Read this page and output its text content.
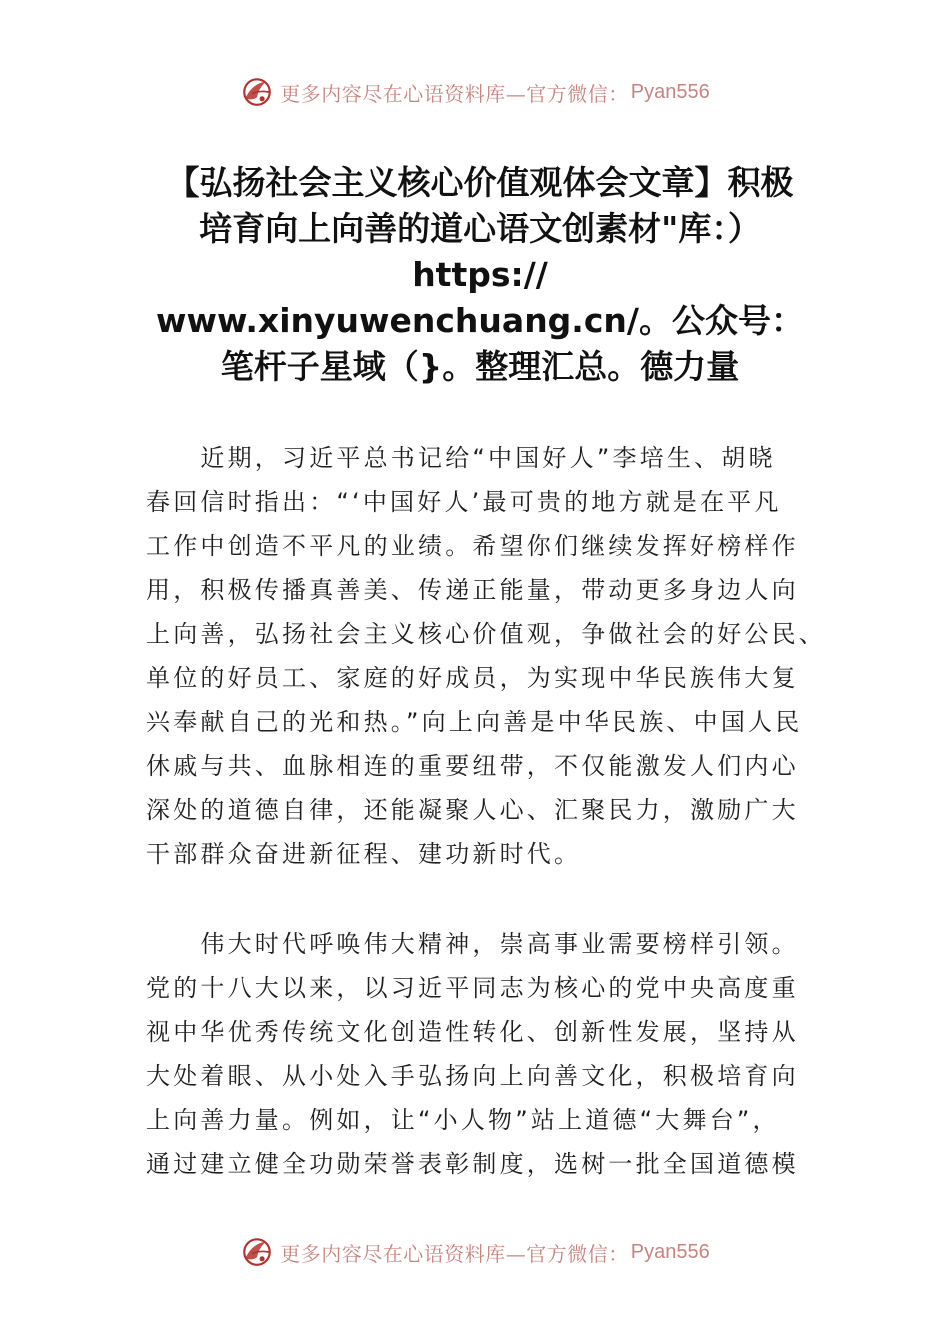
更多内容尽在心语资料库—官方微信： Pyan556
【弘扬社会主义核心价值观体会文章】积极
培育向上向善的道心语文创素材"库：）
https://
www.xinyuwenchuang.cn/。公众号：
笔杆子星域（}。整理汇总。德力量
　　近期，习近平总书记给“中国好人”李培生、胡晓
春回信时指出：“‘中国好人’最可贵的地方就是在平凡
工作中创造不平凡的业绩。希望你们继续发挥好榜样作
用，积极传播真善美、传递正能量，带动更多身边人向
上向善，弘扬社会主义核心价值观，争做社会的好公民、
单位的好员工、家庭的好成员，为实现中华民族伟大复
兴奉献自己的光和热。”向上向善是中华民族、中国人民
休戚与共、血脉相连的重要纽带，不仅能激发人们内心
深处的道德自律，还能凝聚人心、汇聚民力，激励广大
干部群众奋进新征程、建功新时代。
　　伟大时代呼唤伟大精神，崇高事业需要榜样引领。
党的十八大以来，以习近平同志为核心的党中央高度重
视中华优秀传统文化创造性转化、创新性发展，坚持从
大处着眼、从小处入手弘扬向上向善文化，积极培育向
上向善力量。例如，让“小人物”站上道德“大舞台”，
通过建立健全功勋荣誉表彰制度，选树一批全国道德模
更多内容尽在心语资料库—官方微信： Pyan556
